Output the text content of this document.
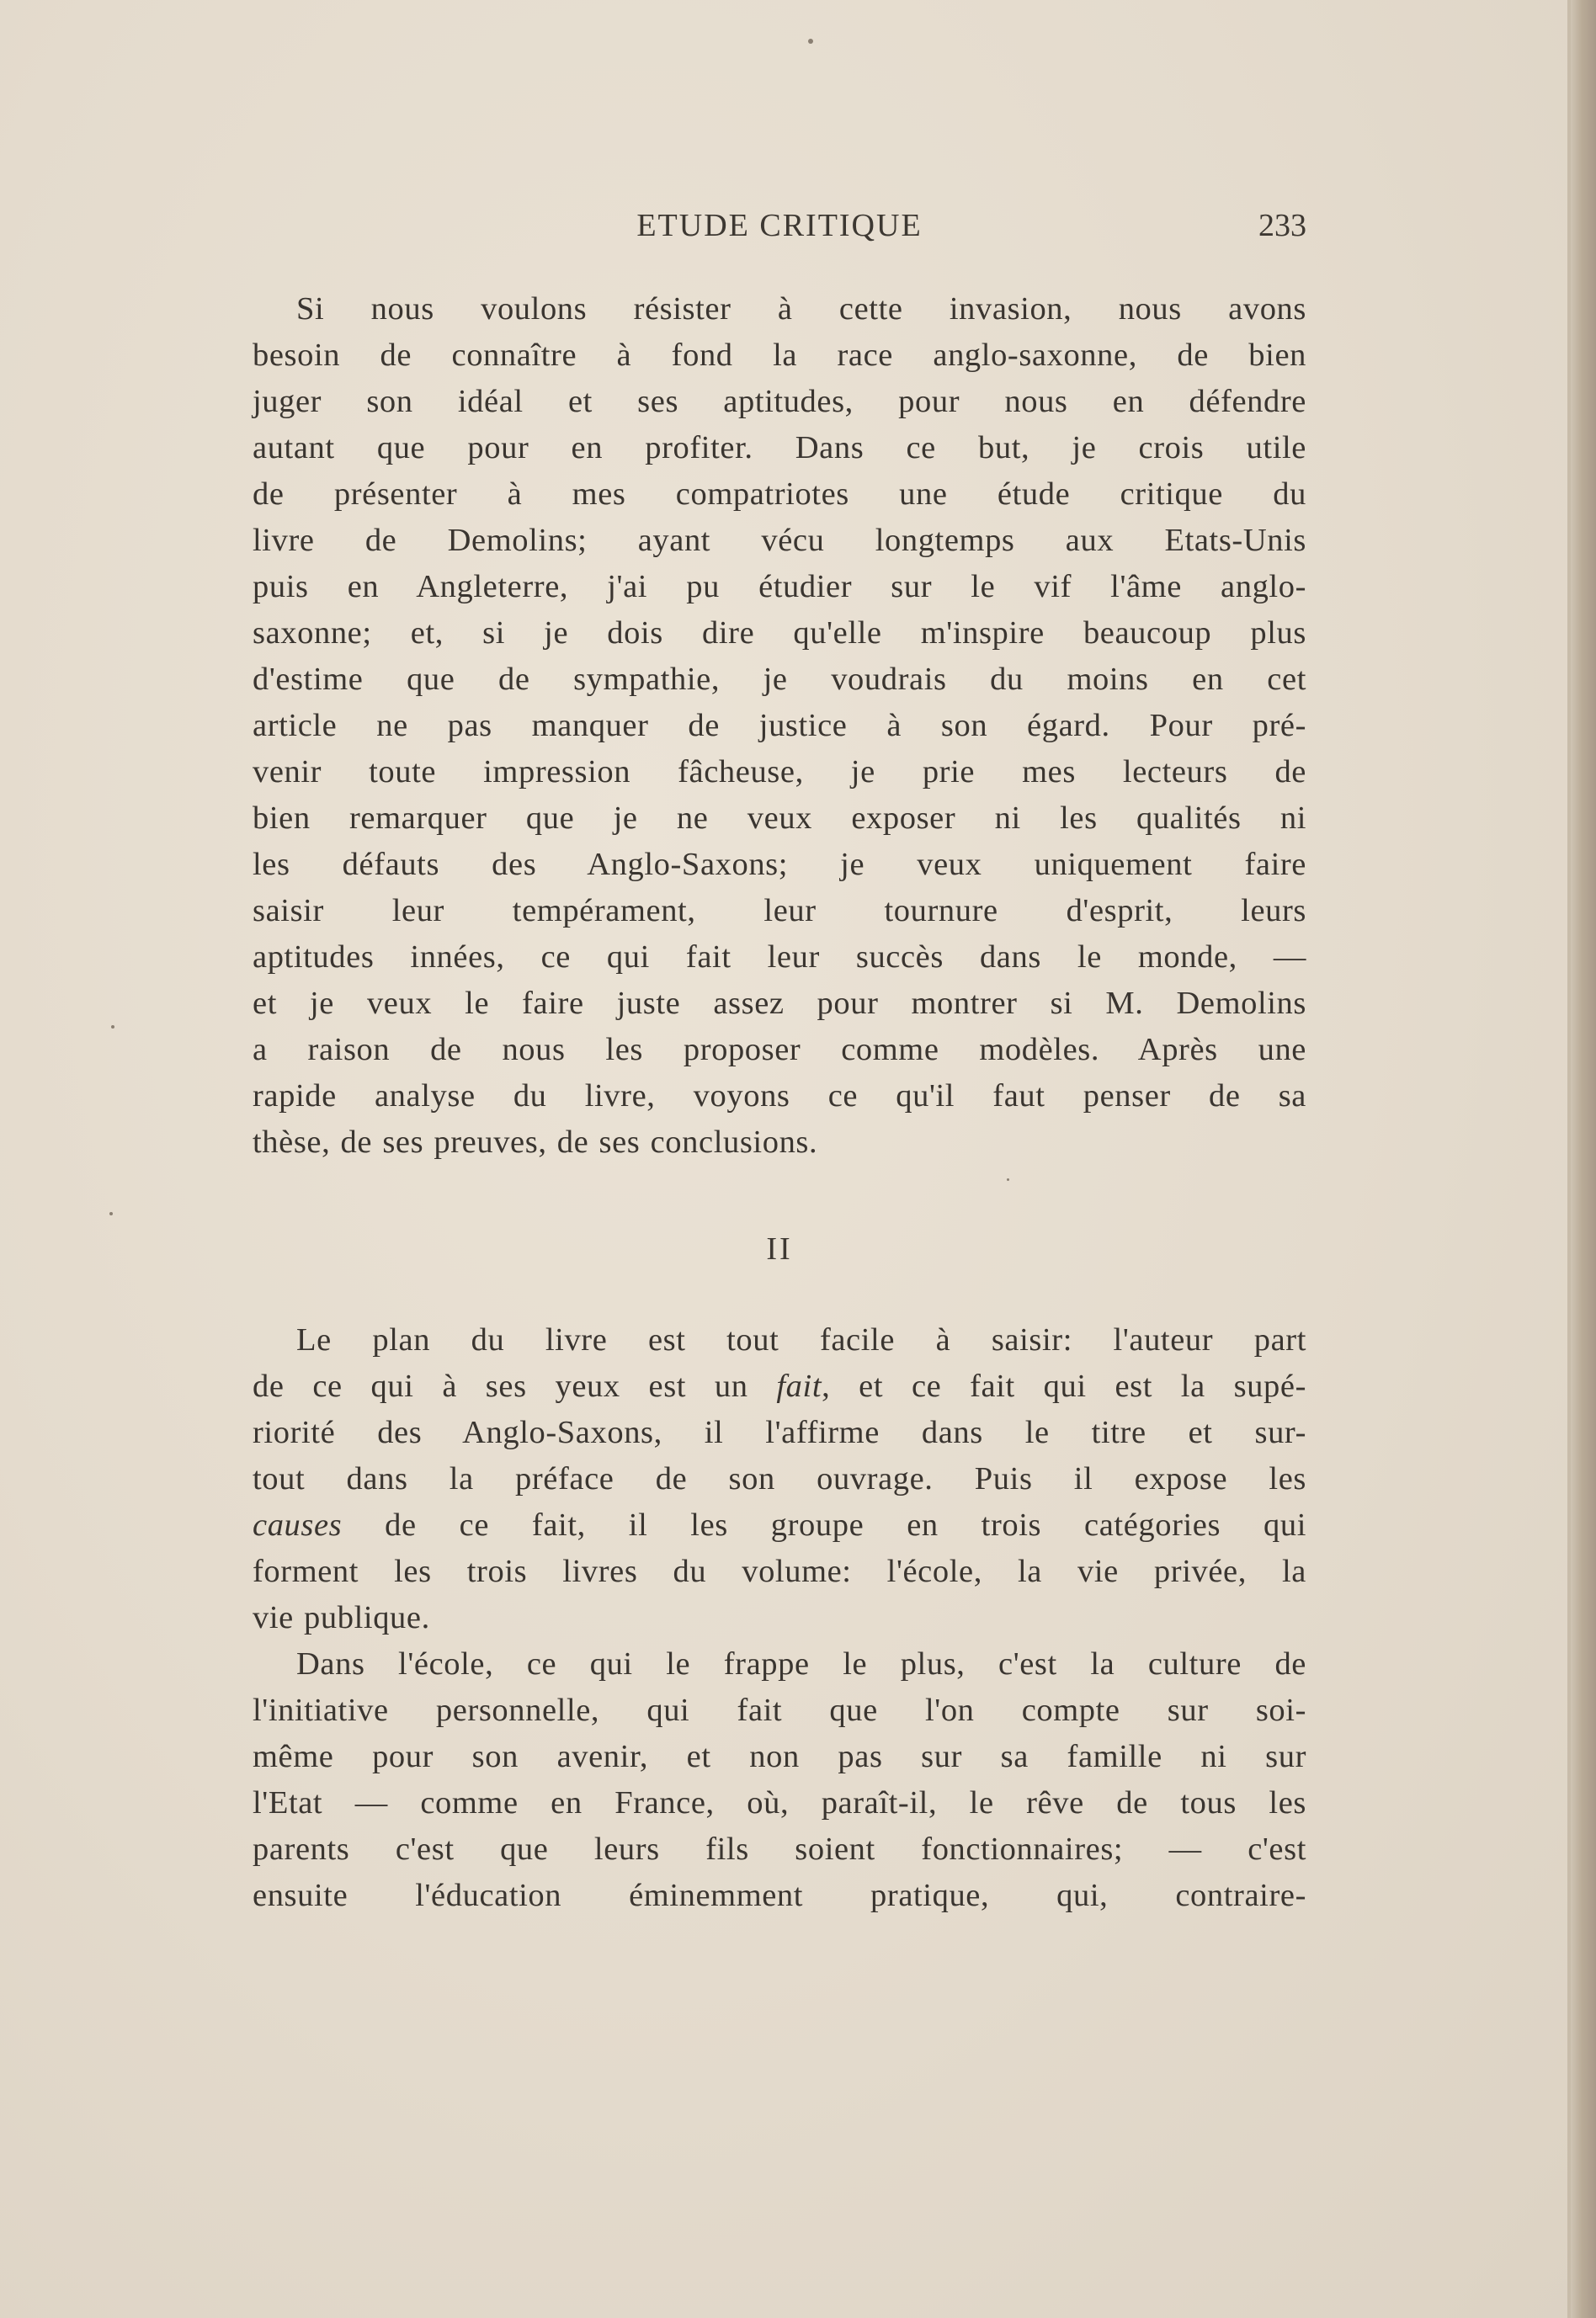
ETUDE CRITIQUE	233
Si nous voulons résister à cette invasion, nous avons
besoin de connaître à fond la race anglo-saxonne, de bien
juger son idéal et ses aptitudes, pour nous en défendre
autant que pour en profiter. Dans ce but, je crois utile
de présenter à mes compatriotes une étude critique du
livre de Demolins; ayant vécu longtemps aux Etats-Unis
puis en Angleterre, j'ai pu étudier sur le vif l'âme anglo-
saxonne; et, si je dois dire qu'elle m'inspire beaucoup plus
d'estime que de sympathie, je voudrais du moins en cet
article ne pas manquer de justice à son égard. Pour pré-
venir toute impression fâcheuse, je prie mes lecteurs de
bien remarquer que je ne veux exposer ni les qualités ni
les défauts des Anglo-Saxons; je veux uniquement faire
saisir leur tempérament, leur tournure d'esprit, leurs
aptitudes innées, ce qui fait leur succès dans le monde, —
et je veux le faire juste assez pour montrer si M. Demolins
a raison de nous les proposer comme modèles. Après une
rapide analyse du livre, voyons ce qu'il faut penser de sa
thèse, de ses preuves, de ses conclusions.
II
Le plan du livre est tout facile à saisir: l'auteur part
de ce qui à ses yeux est un fait, et ce fait qui est la supé-
riorité des Anglo-Saxons, il l'affirme dans le titre et sur-
tout dans la préface de son ouvrage. Puis il expose les
causes de ce fait, il les groupe en trois catégories qui
forment les trois livres du volume: l'école, la vie privée, la
vie publique.
Dans l'école, ce qui le frappe le plus, c'est la culture de
l'initiative personnelle, qui fait que l'on compte sur soi-
même pour son avenir, et non pas sur sa famille ni sur
l'Etat — comme en France, où, paraît-il, le rêve de tous les
parents c'est que leurs fils soient fonctionnaires; — c'est
ensuite l'éducation éminemment pratique, qui, contraire-
